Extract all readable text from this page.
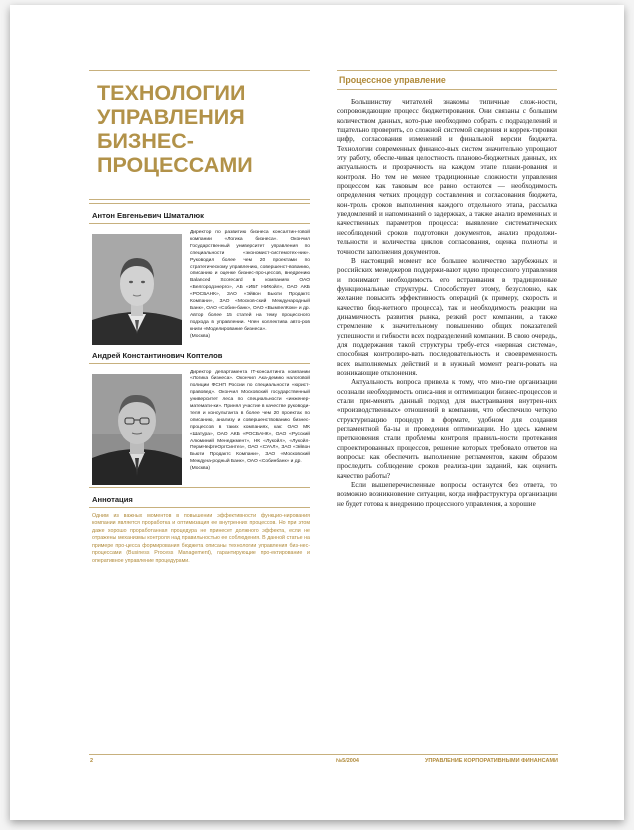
ТЕХНОЛОГИИ
УПРАВЛЕНИЯ
БИЗНЕС-
ПРОЦЕССАМИ
Антон Евгеньевич Шматалюк
Директор по развитию бизнеса консалтин-говой компании «Логика бизнеса». Окончил Государственный университет управления по специальности «экономист-системотех-ник». Руководил более чем 20 проектами по стратегическому управлению, совершенст-вованию, описанию и оценке бизнес-про-цессов, внедрению Balanced Scorecard в компаниях ОАО «Белгородэнерго», АБ «ИБГ НИКойл», ОАО АКБ «РОСБАНК», ЗАО «Эйвон Бьюти Продактс Компани», ЗАО «Москов-ский Международный Банк», ОАО «Собин-банк», ОАО «ВымпелКом» и др. Автор более 15 статей на тему процессного подхода в управлении. Член коллектива авто-ров книги «Моделирование бизнеса».
(Москва)
Андрей Константинович Коптелов
Директор департамента IT-консалтинга компании «Логика бизнеса». Окончил Ака-демию налоговой полиции ФСНП России по специальности «юрист-правовед». Окончил Московский государственный университет леса по специальности «инженер-математи-ки». Принял участие в качестве руководи-теля и консультанта в более чем 20 проектах по описанию, анализу и совершенствованию бизнес-процессов в таких компаниях, как: ОАО МК «Шатура», ОАО АКБ «РОСБАНК», ОАО «Русский Алюминий Менеджмент», НК «Лукойл», «Лукойл-ПермНефтеОргСинтез», ОАО «СУАЛ», ЗАО «Эйвон Бьюти Продактс Компани», ЗАО «Московский Междуна-родный Банк», ОАО «Собинбанк» и др.
(Москва)
Аннотация
Одним из важных моментов в повышении эффективности функцио-нирования компании является проработка и оптимизация ее внутренних процессов. Но при этом даже хорошо проработанная процедура не принесет должного эффекта, если не отражены механизмы контроля над правильностью ее соблюдения. В данной статье на примере про-цесса формирования бюджета описаны технологии управления биз-нес-процессами (Business Process Management), гарантирующие про-ектирование и оперативное управление процедурами.
Процессное управление

Большинству читателей знакомы типичные слож-ности, сопровождающие процесс бюджетирования. Они связаны с большим количеством данных, кото-рые необходимо собрать с подразделений и тщательно проверить, со сложной системой сведения и коррек-тировки цифр, согласования изменений и финальной версии бюджета. Технологии современных финансо-вых систем значительно упрощают эту работу, обеспе-чивая целостность планово-бюджетных данных, их актуальность и прозрачность на каждом этапе плани-рования и контроля. Но тем не менее традиционные сложности управления процессом как таковым все равно остаются — необходимость определения четких процедур составления и согласования бюджета, кон-троль сроков выполнения каждого отдельного этапа, рассылка уведомлений и напоминаний о задержках, а также анализ временных и качественных параметров процесса: выявление систематических несоблюдений сроков подготовки документов, анализ продолжи-тельности и количества циклов согласования, оценка полноты и точности заполнения документов.

В настоящий момент все большее количество зарубежных и российских менеджеров поддержи-вают идею процессного управления и понимают необходимость его встраивания в традиционные функциональные структуры. Способствует этому, безусловно, как желание повысить эффективность операций (к примеру, скорость и качество бюд-жетного процесса), так и необходимость реакции на динамичность развития рынка, резкий рост компании, а также стремление к значительному повышению общих показателей успешности и гибкости всех подразделений компании. В свою очередь, для поддержания такой структуры требу-ется «нервная система», способная контролиро-вать последовательность и своевременность всех выполняемых действий и в нужный момент реаги-ровать на возникающие отклонения.

Актуальность вопроса привела к тому, что мно-гие организации осознали необходимость описа-ния и оптимизации бизнес-процессов и стали при-менять данный подход для выстраивания внутрен-них «производственных» отношений в компании, что обеспечило четкую структуризацию процедур в формате, удобном для создания регламентной ба-зы и проведения оптимизации. Но здесь камнем преткновения стали проблемы контроля правиль-ности протекания спроектированных процессов, решение которых требовало ответов на вопросы: как обеспечить выполнение регламентов, каким образом проследить соблюдение сроков реализа-ции заданий, как оценить качество работы?

Если вышеперечисленные вопросы останутся без ответа, то возможно возникновение ситуации, когда инфраструктура организации не будет готова к внедрению процессного управления, а хорошие

2	№5/2004	УПРАВЛЕНИЕ КОРПОРАТИВНЫМИ ФИНАНСАМИ
